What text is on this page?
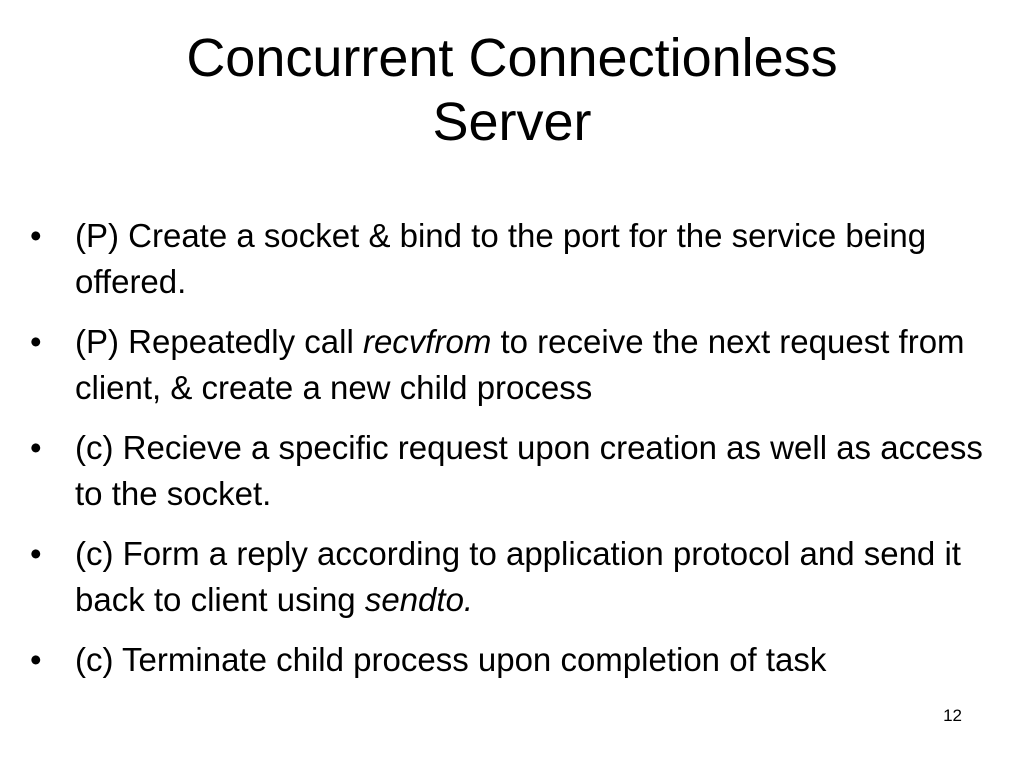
Concurrent Connectionless
Server
•	(P) Create a socket & bind to the port for the service being offered.
•	(P) Repeatedly call recvfrom to receive the next request from client, & create a new child process
•	(c) Recieve a specific request upon creation as well as access to the socket.
•	(c) Form a reply according to application protocol and send it back to client using sendto.
•	(c) Terminate child process upon completion of task
12
